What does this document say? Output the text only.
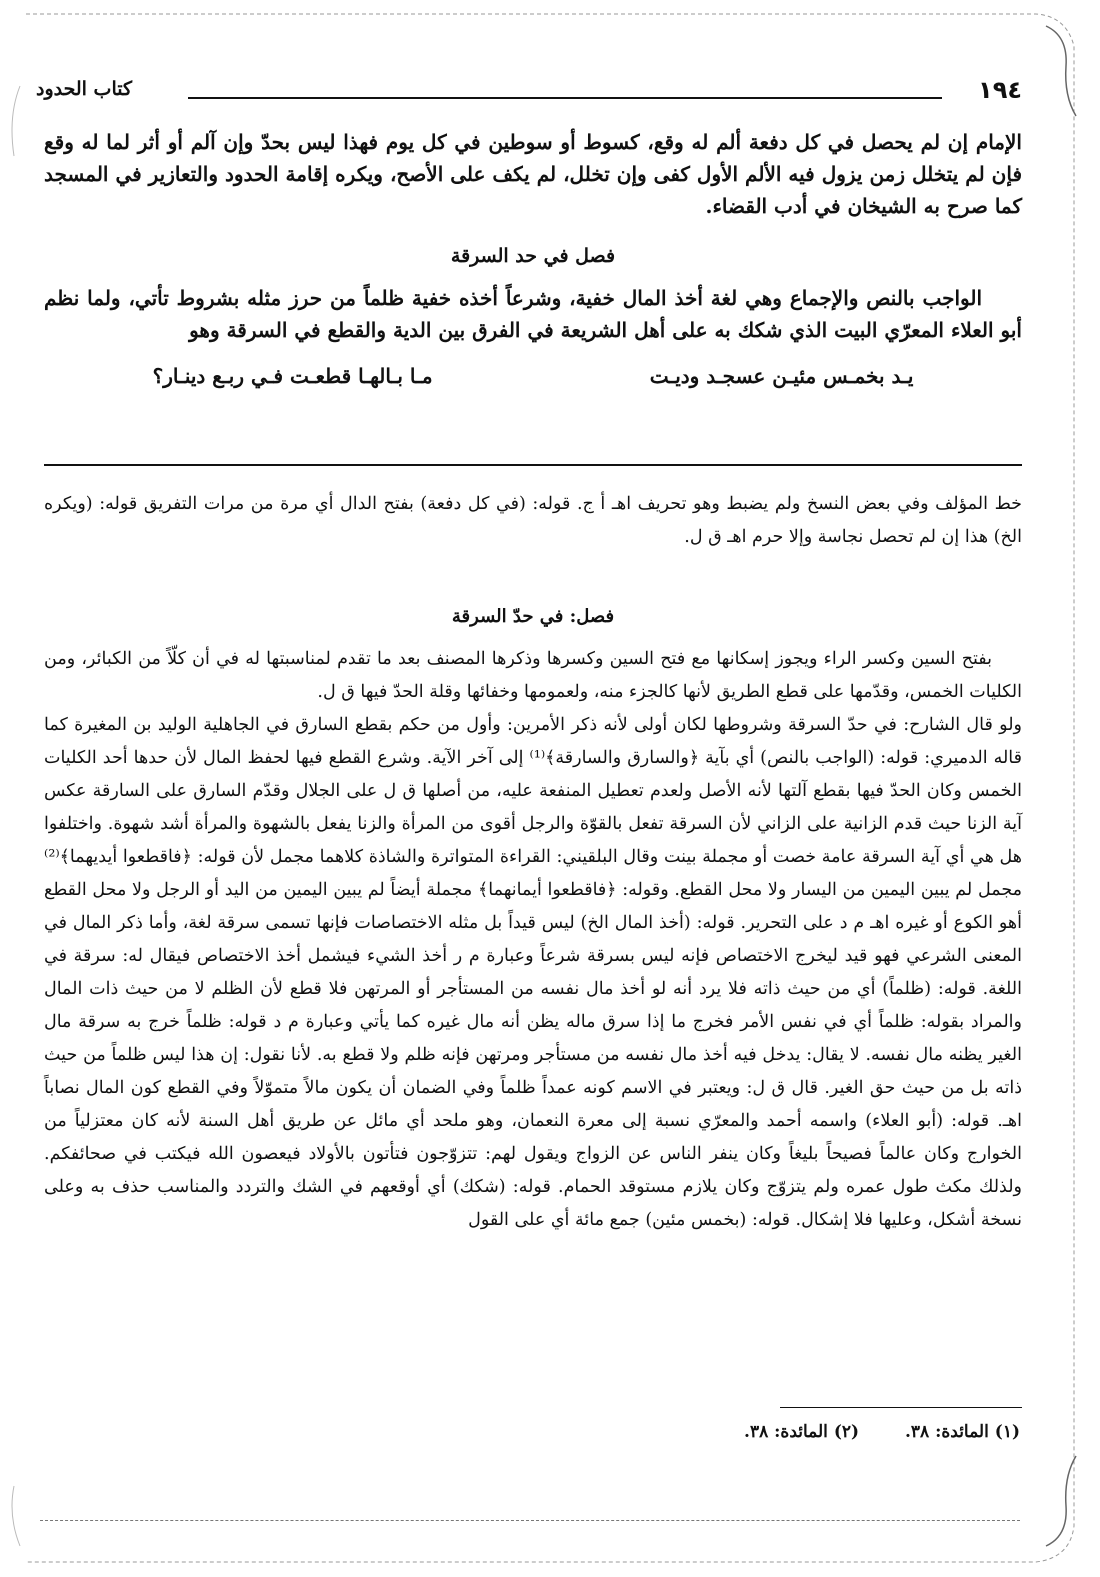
١٩٤
كتاب الحدود

الإمام إن لم يحصل في كل دفعة ألم له وقع، كسوط أو سوطين في كل يوم فهذا ليس بحدّ وإن آلم أو أثر لما له وقع فإن لم يتخلل زمن يزول فيه الألم الأول كفى وإن تخلل، لم يكف على الأصح، ويكره إقامة الحدود والتعازير في المسجد كما صرح به الشيخان في أدب القضاء.

فصل في حد السرقة

الواجب بالنص والإجماع وهي لغة أخذ المال خفية، وشرعاً أخذه خفية ظلماً من حرز مثله بشروط تأتي، ولما نظم أبو العلاء المعرّي البيت الذي شكك به على أهل الشريعة في الفرق بين الدية والقطع في السرقة وهو

يـد بخمـس مئيـن عسجـد وديـت
مـا بـالهـا قطعـت فـي ربـع دينـار؟

خط المؤلف وفي بعض النسخ ولم يضبط وهو تحريف اهـ أ ج. قوله: (في كل دفعة) بفتح الدال أي مرة من مرات التفريق قوله: (ويكره الخ) هذا إن لم تحصل نجاسة وإلا حرم اهـ ق ل.

فصل: في حدّ السرقة

بفتح السين وكسر الراء ويجوز إسكانها مع فتح السين وكسرها وذكرها المصنف بعد ما تقدم لمناسبتها له في أن كلّاً من الكبائر، ومن الكليات الخمس، وقدّمها على قطع الطريق لأنها كالجزء منه، ولعمومها وخفائها وقلة الحدّ فيها ق ل.

ولو قال الشارح: في حدّ السرقة وشروطها لكان أولى لأنه ذكر الأمرين: وأول من حكم بقطع السارق في الجاهلية الوليد بن المغيرة كما قاله الدميري: قوله: (الواجب بالنص) أي بآية ﴿والسارق والسارقة﴾⁽¹⁾ إلى آخر الآية. وشرع القطع فيها لحفظ المال لأن حدها أحد الكليات الخمس وكان الحدّ فيها بقطع آلتها لأنه الأصل ولعدم تعطيل المنفعة عليه، من أصلها ق ل على الجلال وقدّم السارق على السارقة عكس آية الزنا حيث قدم الزانية على الزاني لأن السرقة تفعل بالقوّة والرجل أقوى من المرأة والزنا يفعل بالشهوة والمرأة أشد شهوة. واختلفوا هل هي أي آية السرقة عامة خصت أو مجملة بينت وقال البلقيني: القراءة المتواترة والشاذة كلاهما مجمل لأن قوله: ﴿فاقطعوا أيديهما﴾⁽²⁾ مجمل لم يبين اليمين من اليسار ولا محل القطع. وقوله: ﴿فاقطعوا أيمانهما﴾ مجملة أيضاً لم يبين اليمين من اليد أو الرجل ولا محل القطع أهو الكوع أو غيره اهـ م د على التحرير. قوله: (أخذ المال الخ) ليس قيداً بل مثله الاختصاصات فإنها تسمى سرقة لغة، وأما ذكر المال في المعنى الشرعي فهو قيد ليخرج الاختصاص فإنه ليس بسرقة شرعاً وعبارة م ر أخذ الشيء فيشمل أخذ الاختصاص فيقال له: سرقة في اللغة. قوله: (ظلماً) أي من حيث ذاته فلا يرد أنه لو أخذ مال نفسه من المستأجر أو المرتهن فلا قطع لأن الظلم لا من حيث ذات المال والمراد بقوله: ظلماً أي في نفس الأمر فخرج ما إذا سرق ماله يظن أنه مال غيره كما يأتي وعبارة م د قوله: ظلماً خرج به سرقة مال الغير يظنه مال نفسه. لا يقال: يدخل فيه أخذ مال نفسه من مستأجر ومرتهن فإنه ظلم ولا قطع به. لأنا نقول: إن هذا ليس ظلماً من حيث ذاته بل من حيث حق الغير. قال ق ل: ويعتبر في الاسم كونه عمداً ظلماً وفي الضمان أن يكون مالاً متموّلاً وفي القطع كون المال نصاباً اهـ. قوله: (أبو العلاء) واسمه أحمد والمعرّي نسبة إلى معرة النعمان، وهو ملحد أي مائل عن طريق أهل السنة لأنه كان معتزلياً من الخوارج وكان عالماً فصيحاً بليغاً وكان ينفر الناس عن الزواج ويقول لهم: تتزوّجون فتأتون بالأولاد فيعصون الله فيكتب في صحائفكم. ولذلك مكث طول عمره ولم يتزوّج وكان يلازم مستوقد الحمام. قوله: (شكك) أي أوقعهم في الشك والتردد والمناسب حذف به وعلى نسخة أشكل، وعليها فلا إشكال. قوله: (بخمس مئين) جمع مائة أي على القول

(١) المائدة: ٣٨. (٢) المائدة: ٣٨.
